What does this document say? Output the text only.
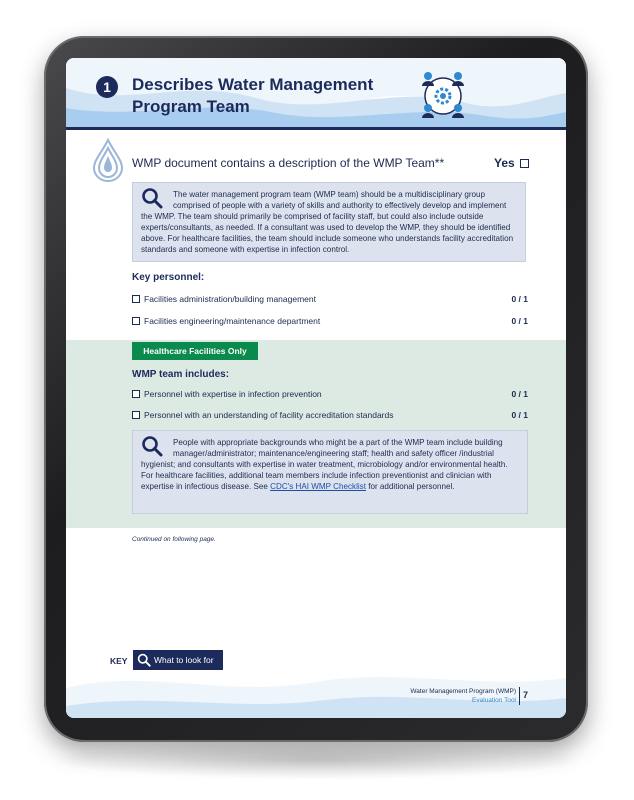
1	Describes Water Management Program Team
WMP document contains a description of the WMP Team**	Yes
The water management program team (WMP team) should be a multidisciplinary group comprised of people with a variety of skills and authority to effectively develop and implement the WMP. The team should primarily be comprised of facility staff, but could also include outside experts/consultants, as needed. If a consultant was used to develop the WMP, they should be identified above. For healthcare facilities, the team should include someone who understands facility accreditation standards and someone with expertise in infection control.
Key personnel:
Facilities administration/building management	0 / 1
Facilities engineering/maintenance department	0 / 1
Healthcare Facilities Only
WMP team includes:
Personnel with expertise in infection prevention	0 / 1
Personnel with an understanding of facility accreditation standards	0 / 1
People with appropriate backgrounds who might be a part of the WMP team include building manager/administrator; maintenance/engineering staff; health and safety officer /industrial hygienist; and consultants with expertise in water treatment, microbiology and/or environmental health. For healthcare facilities, additional team members include infection preventionist and clinician with expertise in infectious disease. See CDC's HAI WMP Checklist for additional personnel.
Continued on following page.
KEY	What to look for
Water Management Program (WMP)
Evaluation Tool
7
